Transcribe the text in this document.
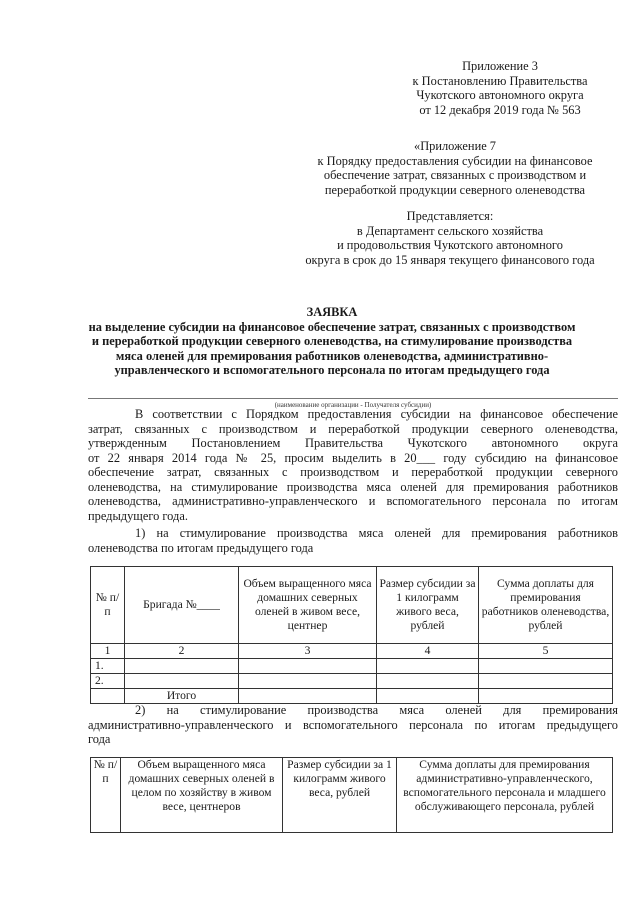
Приложение 3
к Постановлению Правительства
Чукотского автономного округа
от 12 декабря 2019 года № 563
«Приложение 7
к Порядку предоставления субсидии на финансовое
обеспечение затрат, связанных с производством и
переработкой продукции северного оленеводства
Представляется:
в Департамент сельского хозяйства
и продовольствия Чукотского автономного
округа в срок до 15 января текущего финансового года
ЗАЯВКА
на выделение субсидии на финансовое обеспечение затрат, связанных с производством
и переработкой продукции северного оленеводства, на стимулирование производства
мяса оленей для премирования работников оленеводства, административно-
управленческого и вспомогательного персонала по итогам предыдущего года
(наименование организации - Получателя субсидии)
В соответствии с Порядком предоставления субсидии на финансовое обеспечение
затрат, связанных с производством и переработкой продукции северного оленеводства,
утвержденным Постановлением Правительства Чукотского автономного округа
от 22 января 2014 года № 25, просим выделить в 20___ году субсидию на финансовое
обеспечение затрат, связанных с производством и переработкой продукции северного
оленеводства, на стимулирование производства мяса оленей для премирования работников
оленеводства, административно-управленческого и вспомогательного персонала по итогам
предыдущего года.
1) на стимулирование производства мяса оленей для премирования работников
оленеводства по итогам предыдущего года
№ п/п	Бригада №____	Объем выращенного мяса домашних северных оленей в живом весе, центнер	Размер субсидии за 1 килограмм живого веса, рублей	Сумма доплаты для премирования работников оленеводства, рублей
1	2	3	4	5
1.				
2.				
	Итого			
2) на стимулирование производства мяса оленей для премирования
административно-управленческого и вспомогательного персонала по итогам предыдущего
года
№ п/п	Объем выращенного мяса домашних северных оленей в целом по хозяйству в живом весе, центнеров	Размер субсидии за 1 килограмм живого веса, рублей	Сумма доплаты для премирования административно-управленческого, вспомогательного персонала и младшего обслуживающего персонала, рублей
